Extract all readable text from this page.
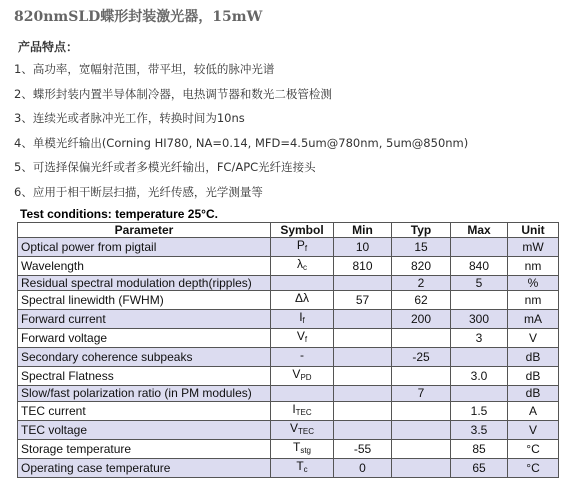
820nmSLD蝶形封装激光器，15mW
产品特点：
1、高功率，宽幅射范围，带平坦，较低的脉冲光谱
2、蝶形封装内置半导体制冷器，电热调节器和数光二极管检测
3、连续光或者脉冲光工作，转换时间为10ns
4、单模光纤输出(Corning HI780, NA=0.14, MFD=4.5um@780nm, 5um@850nm)
5、可选择保偏光纤或者多模光纤输出，FC/APC光纤连接头
6、应用于相干断层扫描，光纤传感，光学测量等
Test conditions: temperature 25°C.
Parameter	Symbol	Min	Typ	Max	Unit
Optical power from pigtail	$P_f$	10	15		mW
Wavelength	$\lambda_c$	810	820	840	nm
Residual spectral modulation depth(ripples)			2	5	%
Spectral linewidth (FWHM)	Δλ	57	62		nm
Forward current	$I_f$		200	300	mA
Forward voltage	$V_f$			3	V
Secondary coherence subpeaks	-		-25		dB
Spectral Flatness	$V_{PD}$			3.0	dB
Slow/fast polarization ratio (in PM modules)			7		dB
TEC current	$I_{TEC}$			1.5	A
TEC voltage	$V_{TEC}$			3.5	V
Storage temperature	$T_{stg}$	-55		85	°C
Operating case temperature	$T_c$	0		65	°C
